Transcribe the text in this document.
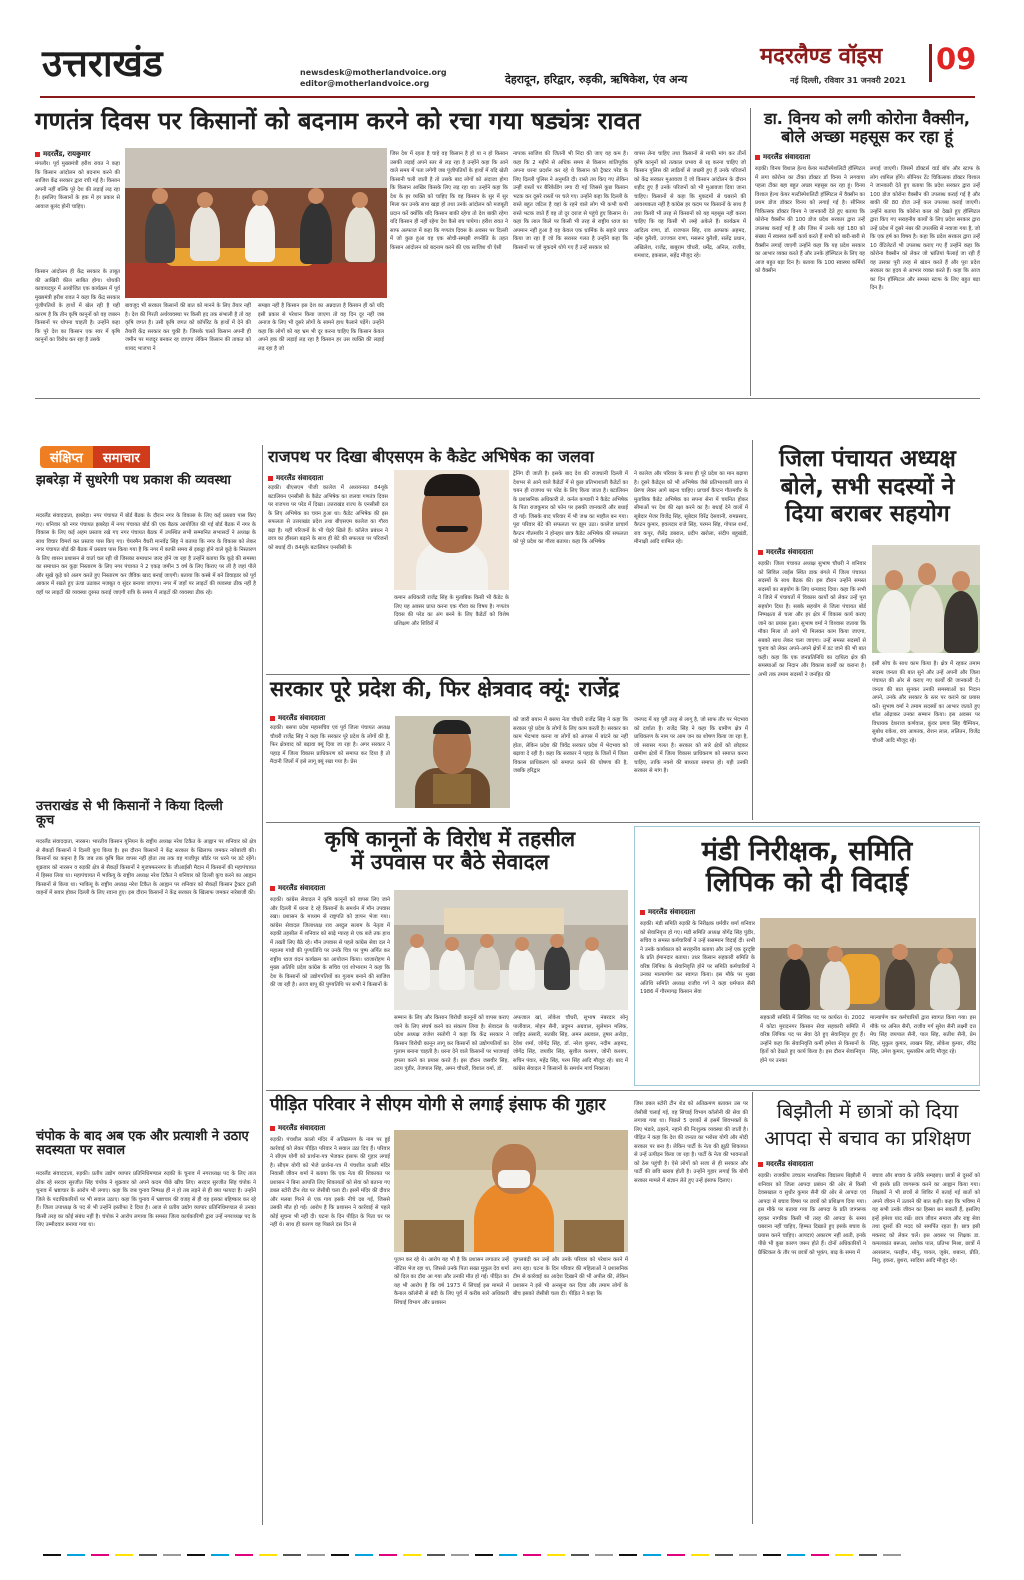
उत्तराखंड	newsdesk@motherlandvoice.org
editor@motherlandvoice.org	देहरादून, हरिद्वार, रुड़की, ऋषिकेश, एंव अन्य
मदरलैण्ड वॉइस 09
नई दिल्ली, रविवार 31 जनवरी 2021
गणतंत्र दिवस पर किसानों को बदनाम करने को रचा गया षड्यंत्रः रावत
मदरलैंड, रायकुमार
मंगलौर। पूर्व मुख्यमंत्री हरीश रावत ने कहा कि किसान आंदोलन को बदनाम करने की साजिश केंद्र सरकार द्वारा रची गई है। किसान अपनी नहीं बल्कि पूरे देश की लड़ाई लड़ रहा है। इसलिए किसानों के हक में हर प्रकार से आवाज बुलंद होनी चाहिए।
किसान आंदोलन ही केंद्र सरकार के ताबूत की आखिरी कील साबित होगा। थोथकी कावायदपुर में आयोजित एक कार्यक्रम में पूर्व मुख्यमंत्री हरीश रावत ने कहा कि केंद्र सरकार पूंजीपतियों के हाथों में खेल रही है यही कारण है कि तीन कृषि कानूनों को वह जबरन किसानों पर थोपना चाहती है। उन्होंने कहा कि पूरे देश का किसान एक स्वर में कृषि कानूनों का विरोध कर रहा है उसके
बावजूद भी सरकार किसानों की बात को मानने के लिए तैयार नहीं है। देश की गिरती अर्थव्यवस्था पर किसी हद तक संभाली है तो वह कृषि जगत है। उसी कृषि जगत को कॉर्पोरेट के हाथों में देने की तैयारी केंद्र सरकार कर चुकी है। जिसके चलते किसान अपनी ही जमीन पर मजदूर बनकर रह जाएगा लेकिन किसान की ताकत को शायद भाजपा ने
समझा नहीं है किसान इस देश का अन्नदाता है किसान ही को यदि इसी प्रकार से परेशान किया जाएगा तो वह दिन दूर नहीं जब अनाज के लिए भी दूसरे लोगों के सामने हाथ फैलाने पड़ेंगे। उन्होंने कहा कि लोगों को यह भ्रम भी दूर करना चाहिए कि किसान केवल अपने हक की लड़ाई लड़ रहा है किसान हर उस व्यक्ति की लड़ाई लड़ रहा है जो
जिस देश में रहता है चाहे वह किसान है हो या न हो किसान उसकी लड़ाई अपने स्तर से लड़ रहा है उन्होंने कहा कि आने वाले समय में पता लगेगी जब पूंजीपतियों के हाथों में यदि खेती किसानी चली जाती है तो उसके बाद लोगों को अंदाजा होगा कि किसान आखिर किसके लिए लड़ रहा था। उन्होंने कहा कि देश के हर व्यक्ति को चाहिए कि वह किसान के सुर में सुर मिला कर उनके साथ खड़ा हो तथा उनके आंदोलन को मजबूती प्रदान करें क्योंकि यदि किसान बाकी रहेगा तो देश बाकी रहेगा यदि किसान ही नहीं रहेगा देश कैसे बच पायेगा। हरीश रावत ने साफ अल्फाज में कहा कि गणतंत्र दिवस के अवसर पर दिल्ली में जो कुछ हुआ वह एक सोची-समझी रणनीति के तहत किसान आंदोलन को बदनाम करने की एक साजिश थी ऐसी
नापाक साजिश की जितनी भी निंदा की जाए वह कम है। कहा कि 2 महीने से अधिक समय से किसान शांतिपूर्वक अपना धरना प्रदर्शन कर रहे थे किसान को ट्रैक्टर परेड के लिए दिल्ली पुलिस ने अनुमति दी। रास्ते तय किए गए लेकिन उन्हीं रास्तों पर बैरिकेडिंग लगा दी गई जिससे कुछ किसान भटक कर दूसरे रास्तों पर चले गए। उन्होंने कहा कि दिल्ली के रास्ते बहुत जटिल है वहां के रहने वाले लोग भी कभी कभी रास्ते भटक जाते हैं वह तो दूर दराज से पहुंचे हुए किसान थे। कहा कि लाल किले पर किसी भी तरह से राष्ट्रीय ध्वज का अपमान नहीं हुआ है वह केवल एक धार्मिक के सहारे प्रचार किया जा रहा है जो कि सरासर गलत है उन्होंने कहा कि किसानों पर जो मुकदमे थोपे गए हैं उन्हें सरकार को
वापस लेना चाहिए तथा किसानों से माफी मांग कर तीनों कृषि कानूनों को तत्काल प्रभाव से रद्द करना चाहिए जो किसान पुलिस की लाठियों से जख्मी हुए हैं उनके परिजनों को केंद्र सरकार मुआवजा दें जो किसान आंदोलन के दौरान शहीद हुए हैं उनके परिजनों को भी मुआवजा दिया जाना चाहिए। किसानों से कहा कि मुकदमों से घबराने की आवश्यकता नहीं है कांग्रेस हर कदम पर किसानों के साथ है तथा किसी भी तरह से किसानों को यह महसूस नहीं करना चाहिए कि वह किसी भी लम्हे अकेले हैं। कार्यक्रम में आदित्य राणा, डॉ. राजपाल सिंह, राव आफाक अहमद, नईम कुरैशी, उज्ज्वल राणा, मसरूर कुरैशी, सलेंद्र प्रधान, अखिलेश, राजेंद्र, बाबूराम चौधरी, धर्मेंद्र, अनिल, राजीव, शमशाद, इकबाल, सहेंद्र मौजूद रहे।
डा. विनय को लगी कोरोना वैक्सीन,
बोले अच्छा महसूस कर रहा हूं
मदरलैंड संवाददाता
रुड़की। विनय विशाल हेल्थ केयर मल्टीस्पेशलिटी हॉस्पिटल में लगा कोरोना का टीका डॉक्टर डॉ विनय ने लगवाया पहला टीका बहा बहुत अच्छा महसूस कर रहा हूं। विनय विशाल हेल्थ केयर मल्टीस्पेशलिटी हॉस्पिटल में वैक्सीन का प्रथम डोज डॉक्टर विनय को लगाई गई है। सीनियर चिकित्सक डॉक्टर विनय ने जानकारी देते हुए बताया कि कोरोना वैक्सीन की 100 डोज प्रदेश सरकार द्वारा उन्हें उपलब्ध कराई गई है और जिस में उनके यहां 180 को संख्या में स्वास्थ्य कर्मी कार्य करते हैं सभी को बारी-बारी से वैक्सीन लगाई जाएगी उन्होंने कहा कि यह प्रदेश सरकार का आभार व्यक्त करते हैं और उनके हॉस्पिटल के लिए यह आज बहुत बड़ा दिन है। बताया कि 100 स्वास्थ्य कर्मियों को वैक्सीन
लगाई जाएगी। जिसमें डॉक्टर्स वार्ड बॉय और स्टाफ के लोग शामिल होंगे। सीनियर टेंट चिकित्सक डॉक्टर विशाल ने जानकारी देते हुए बताया कि प्रदेश सरकार द्वारा उन्हें 100 डोज कोरोना वैक्सीन की उपलब्ध कराई गई है और बाकी की 80 डोज उन्हें कल उपलब्ध कराई जाएगी। उन्होंने बताया कि कोरोना काल को देखते हुए हॉस्पिटल द्वारा किए गए सराहनीय कार्यों के लिए प्रदेश सरकार द्वारा उन्हें प्रदेश में दूसरे नंबर की उपलब्धि से नवाजा गया है, जो कि एक हर्ष का विषय है। कहा कि प्रदेश सरकार द्वारा उन्हें 10 वेंटिलेटरों भी उपलब्ध कराए गए हैं उन्होंने कहा कि कोरोना वैक्सीन को लेकर जो भ्रांतियां फैलाई जा रही हैं वह उसका पूरी तरह से खंडन करते हैं और पूरा प्रदेश सरकार का हृदय से आभार व्यक्त करते हैं। कहा कि आज का दिन हॉस्पिटल और समस्त स्टाफ के लिए बहुत बड़ा दिन है।
संक्षिप्त	समाचार
झबरेड़ा में सुधरेगी पथ प्रकाश की व्यवस्था
मदरलैंड संवाददाता, झबरेड़ा। नगर पंचायत में बोर्ड बैठक के दौरान नगर के विकास के लिए कई प्रस्ताव पास किए गए। शनिवार को नगर पंचायत झबरेड़ा में नगर पंचायत बोर्ड की एक बैठक आयोजित की गई बोर्ड बैठक में नगर के विकास के लिए कई अहम प्रस्ताव रखे गए नगर पंचायत बैठक में उपस्थित सभी सम्मानित सभासदों ने अध्यक्ष के साथ विचार विमर्श कर प्रस्ताव पास किए गए। चेयरमैन वैधरी मानवेंद्र सिंह ने बताया कि नगर के विकास को लेकर नगर पंचायत बोर्ड की बैठक में प्रस्ताव पास किया गया है कि नगर में काफी समय से इकट्ठा होने वाले कूड़े के निस्तारण के लिए शासन प्रशासन से वार्ता चल रही थी जिसका समाधान जल्द होने जा रहा है उन्होंने बताया कि कूड़े की समस्या का समाधान कर कूड़ा निस्तारण के लिए नगर पंचायत ने 2 एकड़ जमीन 3 वर्ष के लिए किराए पर ली है जहां पीले और सूखे कूड़े को अलग करते हुए निस्तारण कर जैविक खाद बनाई जाएगी। बताया कि कस्बे में बने डिवाइडर को पूर्व आकार में रखते हुए ऊंचा उठाकर मजबूत व सुंदर बनाया जाएगा। नगर में जहाँ पर लाइटों की व्यवस्था ठीक नहीं है वहाँ पर लाइटों की व्यवस्था दुरुस्त कराई जाएगी रात्रि के समय में लाइटों की व्यवस्था ठीक रहे।
उत्तराखंड से भी किसानों ने किया दिल्ली कूच
मदरलैंड संवाददाता, नारसन। भारतीय किसान यूनियन के राष्ट्रीय अध्यक्ष नरेश टिकैत के आह्वान पर शनिवार को क्षेत्र से सैकड़ों किसानों ने दिल्ली कूच किया है। इस दौरान किसानों ने केंद्र सरकार के खिलाफ जमकर नारेबाजी की। किसानों का कहना है कि जब तक कृषि बिल वापस नहीं होता तब तक वह गाजीपुर बॉर्डर पर धरने पर डटे रहेंगे। शुक्रवार को नारसन व रुड़की क्षेत्र से सैकड़ों किसानों ने मुजफ्फरनगर के जीआईसी मैदान में किसानों की महापंचायत में हिस्सा लिया था। महापंचायत में भाकियू के राष्ट्रीय अध्यक्ष नरेश टिकैत ने शनिवार को दिल्ली कूच करने का आह्वान किसानों से किया था। भाकियू के राष्ट्रीय अध्यक्ष नरेश टिकैत के आह्वान पर शनिवार को सैकड़ों किसान ट्रैक्टर ट्राली वाहनों में सवार होकर दिल्ली के लिए रवाना हुए। इस दौरान किसानों ने केंद्र सरकार के खिलाफ जमकर नारेबाजी की।
चंपोक के बाद अब एक और प्रत्याशी ने उठाए सदस्यता पर सवाल
मदरलैंड संवाददाता, रुड़की। प्रतीय उद्योग व्यापार प्रतिनिधिमण्डल रुड़की के चुनाव में नगराध्यक्ष पद के लिए ताल ठोक रहे सरदार सुरजीत सिंह चंपोक ने शुक्रवार को अपने कदम पीछे खींच लिए। सरदार सुरजीत सिंह चंपोक ने चुनाव में भ्रष्टाचार के आरोप भी लगाए। कहा कि जब चुनाव निष्पक्ष ही न हो तब लड़ने से ही क्या फायदा है। उन्होंने जिले के पदाधिकारियों पर भी सवाल उठाए। कहा कि चुनाव में भ्रष्टाचार की वजह से ही वह इसका बहिष्कार कर रहे हैं। जिला उपाध्यक्ष के पद से भी उन्होंने इस्तीफा दे दिया है। आज से प्रतीय उद्योग व्यापार प्रतिनिधिमण्डल से उनका किसी तरह का कोई संबंध नहीं है। चंपोक ने आरोप लगाया कि समस्त जिला कार्यकारिणी द्वारा उन्हें नगराध्यक्ष पद के लिए उम्मीदवार बनाया गया था।
राजपथ पर दिखा बीएसएम के कैडेट अभिषेक का जलवा
मदरलैंड संवाददाता
रुड़की। बीएसएम पीजी कालेज में अध्ययनरत 84यूके बटालियन एनसीसी के कैडेट अभिषेक का जलवा गणतंत्र दिवस पर राजपथ पर परेड में दिखा। उत्तराखंड राज्य के एनसीसी दल के लिए अभिषेक का चयन हुआ था। कैडेट अभिषेक की इस सफलता से उत्तराखंड प्रदेश तथा बीएसएम कालेज का गौरव बढ़ा है। यहीं परिजनों के भी चेहरे खिले हैं। कॉलेज प्रबंधन ने छात्र का हौंसला बढ़ाने के साथ ही बेटे की सफलता पर परिजनों को बधाई दी। 84यूके बटालियन एनसीसी के
कमान अधिकारी राजेंद्र सिंह के मुताबिक किसी भी कैडेट के लिए यह अवसर प्राप्त करना एक गौरव का विषय है। गणतंत्र दिवस की परेड का अंग बनने के लिए कैडेटों को विशेष प्रशिक्षण और शिविरों में
ट्रेनिंग दी जाती है। इसके बाद देश की राजधानी दिल्ली में देशभर से आने वाले कैडेटों में से कुछ प्रतिभाशाली कैडेटों का चयन ही राजपथ पर परेड के लिए किया जाता है। बटालियन के प्रशासनिक अधिकारी ले. कर्नल कण्डारी ने कैडेट अभिषेक के पिता राजकुमार को फोन पर इसकी जानकारी और बधाई दी गई। जिसके बाद परिवार में भी जश्न का माहौल बन गया। पूरा परिवार बेटे की सफलता पर झूम उठा। कालेज प्राचार्य कैप्टन गौतमवीर ने होनहार छात्र कैडेट अभिषेक की सफलता को पूरे प्रदेश का गौरव बताया। कहा कि अभिषेक
ने कालेज और परिवार के साथ ही पूरे प्रदेश का मान बढ़ाया है। दूसरे कैडेट्स को भी अभिषेक जैसे प्रतिभाशाली छात्र से प्रेरणा लेकर आगे बढ़ना चाहिए। प्राचार्य कैप्टन गौतमवीर के मुताबिक कैडेट अभिषेक का सपना सेना में चयनित होकर सीमाओं पर देश की रक्षा करने का है। बधाई देने वालों में सूबेदार मेजर विजेंद्र सिंह, सूबेदार विरेंद्र देसवानी, रामप्रसाद, कैप्टन कुमार, हवलदार राजे सिंह, परमन सिंह, गोपाल शर्मा, राव कपूर, शैलेंद्र डबराल, प्रदीप खरोला, संदीप बहुखंडी, मीनाक्षी आदि शामिल रहे।
जिला पंचायत अध्यक्ष
बोले, सभी सदस्यों ने
दिया बराबर सहयोग
मदरलैंड संवाददाता
रुड़की। जिला पंचायत अध्यक्ष सुभाष चौधरी ने शनिवार को सिविल लाईंस स्थित डाक बंगले में जिला पंचायत सदस्यों के साथ बैठक की। इस दौरान उन्होंने समस्त सदस्यों का सहयोग के लिए धन्यवाद दिया। कहा कि सभी ने जिले में पंचायतों में विकास कार्यों को लेकर उन्हें पूरा सहयोग दिया है। सबके सहयोग से जिला पंचायत बोर्ड निष्पक्षता से चला और हर क्षेत्र में विकास कार्य कराए जाने का प्रयास हुआ। सुभाष वर्मा ने विश्वास जताया कि मौका मिला तो आगे भी मिलकर काम किया जाएगा, सबको साथ लेकर चला जाएगा। उन्हें समस्त सदस्यों से चुनाव को लेकर अपने-अपने क्षेत्रों में डट जाने की भी बात कही। कहा कि एक जनप्रतिनिधि का दायित्व क्षेत्र की समस्याओं का निदान और विकास कार्यों का कराना है। अभी तक तमाम सदस्यों ने जनहित की
इसी सोच के साथ काम किया है। क्षेत्र में रहकर तमाम सदस्य जनता की बात सुने और उन्हें अपनी और जिला पंचायत की ओर से कराए गए कार्यों की जानकारी दें। जनता की बात सुनकर उनकी समस्याओं का निदान अपने, उनके और सरकार के स्तर पर कराने का प्रयास करें। सुभाष वर्मा ने तमाम सदस्यों का आभार जताते हुए शॉल ओढ़ाकर उनका सम्मान किया। इस अवसर पर विधायक देशराज कर्णवाल, कुंवर प्रणव सिंह चैम्पियन, सुबोध राकेश, राव आफाक, रोशन लाल, ललितन, विजेंद्र चौधरी आदि मौजूद रहे।
सरकार पूरे प्रदेश की, फिर क्षेत्रवाद क्यूं: राजेंद्र
मदरलैंड संवाददाता
रुड़की। बसपा प्रदेश महासचिव एवं पूर्व जिला पंचायत अध्यक्ष चौधरी राजेंद्र सिंह ने कहा कि सरकार पूरे प्रदेश के लोगों की है, फिर क्षेत्रवाद को बढ़ावा क्यूं दिया जा रहा है। अगर सरकार ने पहाड़ में जिला विकास प्राधिकरण को समाप्त कर दिया है तो मैदानी जिलों में इसे लागू क्यूं रखा गया है। प्रेस
को जारी बयान में बसपा नेता चौधरी राजेंद्र सिंह ने कहा कि सरकार पूरे प्रदेश के लोगों के लिए काम करती है। सरकार का काम भेदभाव करना या लोगों को आपस में बांटने का नहीं होता, लेकिन प्रदेश की त्रिवेंद्र सरकार प्रदेश में भेदभाव को बढ़ावा दे रही है। कहा कि सरकार ने पहाड़ के जिलों में जिला विकास प्राधिकरण को समाप्त करने की घोषणा की है, जबकि हरिद्वार
जनपद में यह पूरी तरह से लागू है, जो साफ तौर पर भेदभाव को दर्शाता है। राजेंद्र सिंह ने कहा कि ग्रामीण क्षेत्र में प्राधिकरण के नाम पर आम जन का शोषण किया जा रहा है, जो सरासर गलत है। सरकार को सारे क्षेत्रों को छोड़कर ग्रामीण क्षेत्रों में जिला विकास प्राधिकरण को समाप्त करना चाहिए, ताकि नक्शे की बाध्यता समाप्त हो। यही उनकी सरकार से मांग है।
कृषि कानूनों के विरोध में तहसील
में उपवास पर बैठे सेवादल
मदरलैंड संवाददाता
रुड़की। कांग्रेस सेवादल ने कृषि कानूनों को वापस लिए जाने और दिल्ली में धरना दे रहे किसानों के समर्थन में मौन उपवास रखा। प्रशासन के माध्यम से राष्ट्रपति को ज्ञापन भेजा गया। कांग्रेस सेवादल जिलाध्यक्ष राव अब्दुल सलाम के नेतृत्व में रुड़की तहसील में शनिवार को साढ़े ग्यारह से एक बजे तक हाथ में तख्ती लिए बैठे रहे। मौन उपवास से पहले कांग्रेस सेवा दल ने महात्मा गांधी की पुण्यतिथि पर उनके चित्र पर पुष्प अर्पित कर राष्ट्रीय ध्वज वंदन कार्यक्रम का आयोजन किया। ध्वजारोहण मे मुख्य अतिथि प्रदेश कांग्रेस के सचिव एवं शोभाराम ने कहा कि देश के किसानों को उद्योगपतियों का गुलाम बनाने की साजिश की जा रही है। आज बापू की पुण्यतिथि पर सभी ने किसानों के
सम्मान के लिए और किसान विरोधी कानूनों को वापस कराए जाने के लिए संघर्ष करने का संकल्प लिया है। सेवादल के प्रदेश अध्यक्ष राजेश रस्तोगी ने कहा कि केंद्र सरकार ने किसान विरोधी कानून लागू कर किसानों को उद्योगपतियों का गुलाम बनाना चाहती है। धरना देने वाले किसानों पर भाजपाई हमला करने का प्रयास करते हैं। इस दौरान जसवीर सिंह, उदय पुंडीर, तेजपाल सिंह, अमन चौधरी, विशाल वर्मा, डॉ.
अफजाल खां, लोकेश चौधरी, सुभाष नंबरदार सोनू पालीवाल, मोहन सैनी, प्रदुमन अग्रवाल, सुलेमान मलिक, जाहिद अंसारी, सतबीर सिंह, अमन अग्रवाल, तुषार अरोड़ा, देवेश शर्मा, जोगेंद्र सिंह, डॉ. नरेश कुमार, नदीम अहमद, जोगेंद्र सिंह, जयवीर सिंह, सुशील कश्यप, जोनी कश्यप, सचिन पंवार, महेंद्र सिंह, परम सिंह आदि मौजूद रहे। बाद में कांग्रेस सेवादल ने किसानों के समर्थन मार्च निकाला।
मंडी निरीक्षक, समिति
लिपिक को दी विदाई
मदरलैंड संवाददाता
रुड़की। मंडी समिति रुड़की के निरीक्षक धर्मवीर शर्मा शनिवार को सेवानिवृत्त हो गए। मंडी समिति अध्यक्ष योगेंद्र सिंह पुंडीर, सचिव व समस्त कर्मचारियों ने उन्हें ससम्मान विदाई दी। सभी ने उनके कार्यकाल को सराहनीय बताया और उन्हें एक दूरदृष्टि के प्रति ईमानदार बताया। उधर किसान सहकारी समिति के वरिष्ठ लिपिक के सेवानिवृत्ति होने पर समिति कर्मचारियों ने उनका माल्यार्पण कर स्वागत किया। इस मौके पर मुख्य अतिथि समिति अध्यक्ष राजीव गर्ग ने कहा धर्मपाल सैनी 1986 में गौरमागढ़ किसान सेवा
सहकारी समिति में लिपिक पद पर कार्यरत थे। 2002 में कोटा मुरादनगर किसान सेवा सहकारी समिति में वरिष्ठ लिपिक पद पर सेवा देते हुए सेवानिवृत्त हुए हैं। उन्होंने कहा कि सेवानिवृत्ति कर्मी हमेशा से किसानों के हितों को देखते हुए कार्य किया है। इस दौरान सेवानिवृत्त होने पर उनका
माल्यार्पण कर कर्मचारियों द्वारा स्वागत किया गया। इस मौके पर अनिल सैनी, राजीव गर्ग सुरेश सैनी लक्ष्मी दत्त मेघ सिंह जयपाल सैनी, पाल सिंह, सतीश सैनी, प्रेम सिंह, मुकुल कुमार, लाखन सिंह, लोकेश कुमार, रविंद्र सिंह, उमेश कुमार, मुस्तकीम आदि मौजूद रहे।
पीड़ित परिवार ने सीएम योगी से लगाई इंसाफ की गुहार
मदरलैंड संवाददाता
रुड़की। पंचशील कालो मंदिर में अतिक्रमण के नाम पर हुई कार्रवाई को लेकर पीड़ित परिवार ने सवाल उठा दिए हैं। परिवार ने सीएम योगी को प्रार्थना-पत्र भेजकर इंसाफ की गुहार लगाई है। सीएम योगी को भेजे प्रार्थना-पत्र में पंचशील काली मंदिर निवासी जीवन शर्मा ने बताया कि एक नेता की शिकायत पर प्रशासन ने बिना आपत्ति लिए शिकायतों को सेवा को बताना गए डबल स्टोरी टीन शेड पर जेसीबी चला दी। इसमें मंदिर की दीवार और मलबा गिरने से एक गाय इसके नीचे दब गई, जिससे उसकी मौत हो गई। आरोप है कि प्रशासन ने कार्रवाई से पहले कोई सूचना भी नहीं दी। घटना के दिन पीड़ित के पिता घर पर नहीं थे। साथ ही कारण वह पिछले दस दिन से
पूजन कर रहे थे। आरोप यह भी है कि प्रशासन लगातार उन्हें नोटिस भेज रहा था, जिससे उनके पिता सख्त मुकुल देव शर्मा को दिल का दौरा आ गया और उनकी मौत हो गई। पीड़ित का यह भी आरोप है कि वर्ष 1973 में सिंचाई इस मामले में कैनाल कॉलोनी से बंदी के लिए पूर्व में करीब सारे अधिकारी सिंचाई विभाग और प्रशासन
जुगलबंदी कर उन्हें और उनके परिवार को परेशान करने में लगा रहा। घटना के दिन परिवार की महिलाओं ने प्रशासनिक टीम से कार्रवाई का आदेश दिखाने की भी अपील की, लेकिन प्रशासन ने इसे भी अनसुना कर दिया और तमाम लोगों के बीच इसको जेसीबी चला दी। पीड़ित ने कहा कि
जिस डबल स्टोरी टीन शेड को अतिक्रमण बताकर उस पर जेसीबी चलाई गई, वह सिंचाई विभाग कॉलोनी की सेवा की लगाया गया था। पिछले 5 दशकों से इसमें शिवभक्तों के लिए भंडारे, ठहरने, नहाने की निःशुल्क व्यवस्था की जाती है। पीड़ित ने कहा कि देश की जनता का भरोसा योगी और मोदी सरकार पर बना है। लेकिन पार्टी के नेता की झूठी शिकायत से उन्हें उत्पीड़न किया जा रहा है। पार्टी के नेता की भावनाओं को ठेस पहुंची है। ऐसे लोगों को सजा से ही सरकार और पार्टी की छवि खराब होती है। उन्होंने गुहार लगाई कि योगी सरकार मामले में संज्ञान लेते हुए उन्हें इंसाफ दिलाए।
बिझौली में छात्रों को दिया
आपदा से बचाव का प्रशिक्षण
मदरलैंड संवाददाता
रुड़की। राजकीय उच्चतर माध्यमिक विद्यालय बिझौली में शनिवार को जिला आपदा प्रबंधन की ओर से किसी देवसखाल व सुधीर कुमार सैनी की ओर से आपदा एवं आपदा से बचाव विषय पर छात्रों को प्रशिक्षण दिया गया। इस मौके पर बताया गया कि आपदा के प्रति जागरूक रहकर नागरिक किसी भी तरह की आपदा के समय घबराना नहीं चाहिए, हिम्मत दिखाते हुए इसके बचाव के प्रयास करने चाहिए। आपदाएं अकारण नहीं आती, इनके पीछे भी कुछ कारण जरूर होते हैं। दोनों अधिकारियों ने प्रैक्टिकल के तौर पर छात्रों को भूकंप, बाढ़ के समय में
बचाव और बचाव के तरीके समझाए। छात्रों से दूसरों को भी इसके प्रति जागरूक करने का आह्वान किया गया। शिक्षकों ने भी छात्रों से शिविर में बताई गई बातों को अपने जीवन में उतारने की बात कही। कहा कि भविष्य में यह सभी उनके जीवन का हिस्सा बन सकती हैं, इसलिए इन्हें हमेशा याद रखें। छात्र जीवन समाज और राष्ट्र सेवा तथा दूसरों की मदद को समर्पित रहता है। छात्र इसी मकसद को लेकर चलें। इस अवसर पर शिक्षक डा. कमलकांत बरूआ, अशोक पाल, प्रतिभा मिश्रा, छात्रों में अरसलान, फरहीन, मीनू, पायल, जुबेर, शबाना, प्रीति, निशु, इकरा, बुशरा, सादिया आदि मौजूद रहे।
